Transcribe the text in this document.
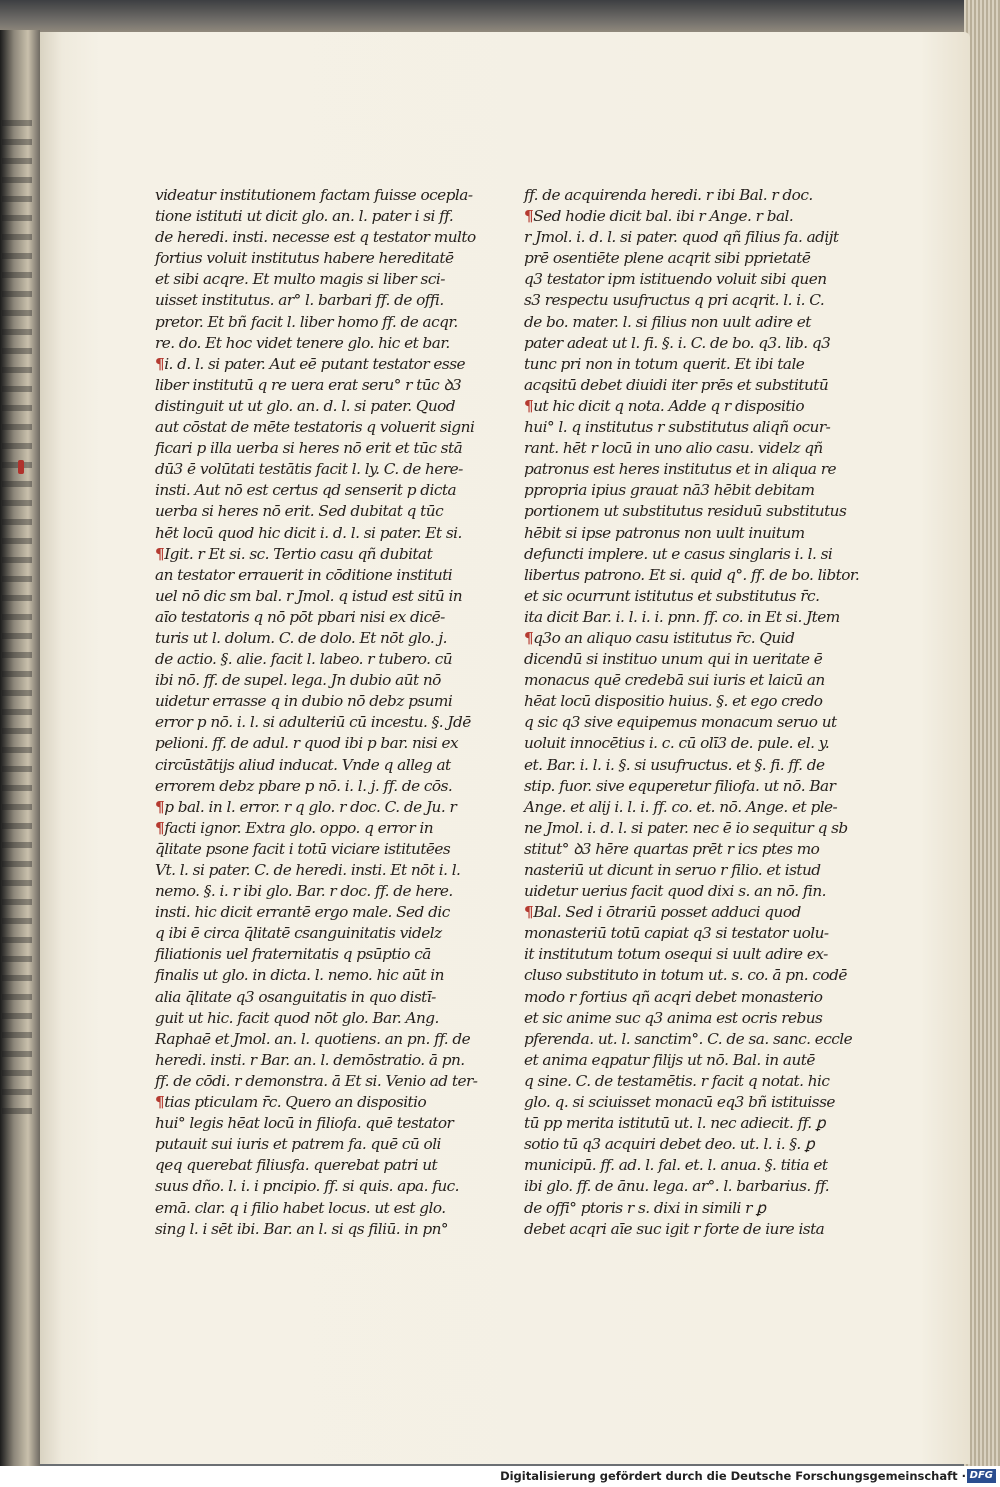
videatur institutionem factam fuisse ocepla-
tione istituti ut dicit glo. an. l. pater i si ff.
de heredi. insti. necesse est q testator multo
fortius voluit institutus habere hereditatē
et sibi acqre. Et multo magis si liber sci-
uisset institutus. ar° l. barbari ff. de offi.
pretor. Et bñ facit l. liber homo ff. de acqr.
re. do. Et hoc videt tenere glo. hic et bar.
¶i. d. l. si pater. Aut eē putant testator esse
liber institutū q re uera erat seru° r tūc ꝺ3
distinguit ut ut glo. an. d. l. si pater. Quod
aut cōstat de mēte testatoris q voluerit signi
ficari p illa uerba si heres nō erit et tūc stā
dū3 ē volūtati testātis facit l. ly. C. de here-
insti. Aut nō est certus qd senserit p dicta
uerba si heres nō erit. Sed dubitat q tūc
hēt locū quod hic dicit i. d. l. si pater. Et si.
¶Igit. r Et si. sc. Tertio casu qñ dubitat
an testator errauerit in cōditione instituti
uel nō dic sm bal. r Jmol. q istud est sitū in
aīo testatoris q nō pōt pbari nisi ex dicē-
turis ut l. dolum. C. de dolo. Et nōt glo. j.
de actio. §. alie. facit l. labeo. r tubero. cū
ibi nō. ff. de supel. lega. Jn dubio aūt nō
uidetur errasse q in dubio nō debz psumi
error p nō. i. l. si adulteriū cū incestu. §. Jdē
pelioni. ff. de adul. r quod ibi p bar. nisi ex
circūstātijs aliud inducat. Vnde q alleg at
errorem debz pbare p nō. i. l. j. ff. de cōs.
¶p bal. in l. error. r q glo. r doc. C. de Ju. r
¶facti ignor. Extra glo. oppo. q error in
q̄litate psone facit i totū viciare istitutēes
Vt. l. si pater. C. de heredi. insti. Et nōt i. l.
nemo. §. i. r ibi glo. Bar. r doc. ff. de here.
insti. hic dicit errantē ergo male. Sed dic
q ibi ē circa q̄litatē csanguinitatis videlz
filiationis uel fraternitatis q psūptio cā
finalis ut glo. in dicta. l. nemo. hic aūt in
alia q̄litate q3 osanguitatis in quo distī-
guit ut hic. facit quod nōt glo. Bar. Ang.
Raphaē et Jmol. an. l. quotiens. an pn. ff. de
heredi. insti. r Bar. an. l. demōstratio. ā pn.
ff. de cōdi. r demonstra. ā Et si. Venio ad ter-
¶tias pticulam r̄c. Quero an dispositio
hui° legis hēat locū in filiofa. quē testator
putauit sui iuris et patrem fa. quē cū oli
qeq querebat filiusfa. querebat patri ut
suus dño. l. i. i pncipio. ff. si quis. apa. fuc.
emā. clar. q i filio habet locus. ut est glo.
sing l. i sēt ibi. Bar. an l. si qs filiū. in pn°
ff. de acquirenda heredi. r ibi Bal. r doc.
¶Sed hodie dicit bal. ibi r Ange. r bal.
r Jmol. i. d. l. si pater. quod qñ filius fa. adijt
prē osentiēte plene acqrit sibi pprietatē
q3 testator ipm istituendo voluit sibi quen
s3 respectu usufructus q pri acqrit. l. i. C.
de bo. mater. l. si filius non uult adire et
pater adeat ut l. fi. §. i. C. de bo. q3. lib. q3
tunc pri non in totum querit. Et ibi tale
acqsitū debet diuidi iter prēs et substitutū
¶ut hic dicit q nota. Adde q r dispositio
hui° l. q institutus r substitutus aliqñ ocur-
rant. hēt r locū in uno alio casu. videlz qñ
patronus est heres institutus et in aliqua re
ppropria ipius grauat nā3 hēbit debitam
portionem ut substitutus residuū substitutus
hēbit si ipse patronus non uult inuitum
defuncti implere. ut e casus singlaris i. l. si
libertus patrono. Et si. quid q°. ff. de bo. libtor.
et sic ocurrunt istitutus et substitutus r̄c.
ita dicit Bar. i. l. i. i. pnn. ff. co. in Et si. Jtem
¶q3o an aliquo casu istitutus r̄c. Quid
dicendū si instituo unum qui in ueritate ē
monacus quē credebā sui iuris et laicū an
hēat locū dispositio huius. §. et ego credo
q sic q3 sive equipemus monacum seruo ut
uoluit innocētius i. c. cū olī3 de. pule. el. y.
et. Bar. i. l. i. §. si usufructus. et §. fi. ff. de
stip. fuor. sive equperetur filiofa. ut nō. Bar
Ange. et alij i. l. i. ff. co. et. nō. Ange. et ple-
ne Jmol. i. d. l. si pater. nec ē io sequitur q sb
stitut° ꝺ3 hēre quartas prēt r ics ptes mo
nasteriū ut dicunt in seruo r filio. et istud
uidetur uerius facit quod dixi s. an nō. fin.
¶Bal. Sed i ōtrariū posset adduci quod
monasteriū totū capiat q3 si testator uolu-
it institutum totum osequi si uult adire ex-
cluso substituto in totum ut. s. co. ā pn. codē
modo r fortius qñ acqri debet monasterio
et sic anime suc q3 anima est ocris rebus
pferenda. ut. l. sanctim°. C. de sa. sanc. eccle
et anima eqpatur filijs ut nō. Bal. in autē
q sine. C. de testamētis. r facit q notat. hic
glo. q. si sciuisset monacū eq3 bñ istituisse
tū pp merita istitutū ut. l. nec adiecit. ff. ꝑ
sotio tū q3 acquiri debet deo. ut. l. i. §. ꝑ
municipū. ff. ad. l. fal. et. l. anua. §. titia et
ibi glo. ff. de ānu. lega. ar°. l. barbarius. ff.
de offi° ptoris r s. dixi in simili r ꝑ
debet acqri aīe suc igit r forte de iure ista
Digitalisierung gefördert durch die Deutsche Forschungsgemeinschaft · DFG
